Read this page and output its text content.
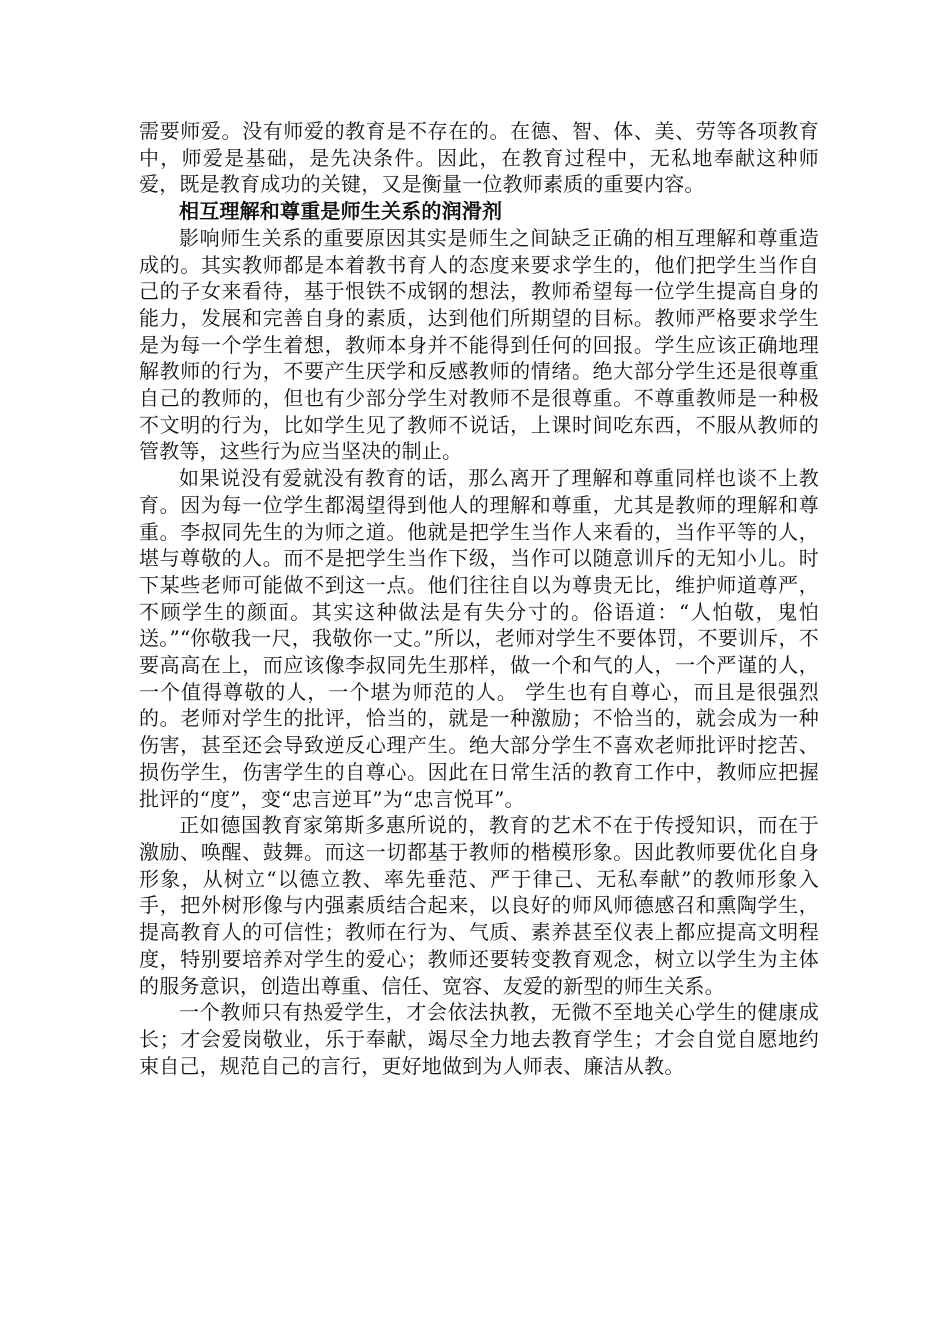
需要师爱。没有师爱的教育是不存在的。在德、智、体、美、劳等各项教育中，师爱是基础，是先决条件。因此，在教育过程中，无私地奉献这种师爱，既是教育成功的关键，又是衡量一位教师素质的重要内容。

相互理解和尊重是师生关系的润滑剂

影响师生关系的重要原因其实是师生之间缺乏正确的相互理解和尊重造成的。其实教师都是本着教书育人的态度来要求学生的，他们把学生当作自己的子女来看待，基于恨铁不成钢的想法，教师希望每一位学生提高自身的能力，发展和完善自身的素质，达到他们所期望的目标。教师严格要求学生是为每一个学生着想，教师本身并不能得到任何的回报。学生应该正确地理解教师的行为，不要产生厌学和反感教师的情绪。绝大部分学生还是很尊重自己的教师的，但也有少部分学生对教师不是很尊重。不尊重教师是一种极不文明的行为，比如学生见了教师不说话，上课时间吃东西，不服从教师的管教等，这些行为应当坚决的制止。

如果说没有爱就没有教育的话，那么离开了理解和尊重同样也谈不上教育。因为每一位学生都渴望得到他人的理解和尊重，尤其是教师的理解和尊重。李叔同先生的为师之道。他就是把学生当作人来看的，当作平等的人，堪与尊敬的人。而不是把学生当作下级，当作可以随意训斥的无知小儿。时下某些老师可能做不到这一点。他们往往自以为尊贵无比，维护师道尊严，不顾学生的颜面。其实这种做法是有失分寸的。俗语道：“人怕敬，鬼怕送。”“你敬我一尺，我敬你一丈。”所以，老师对学生不要体罚，不要训斥，不要高高在上，而应该像李叔同先生那样，做一个和气的人，一个严谨的人，一个值得尊敬的人，一个堪为师范的人。 学生也有自尊心，而且是很强烈的。老师对学生的批评，恰当的，就是一种激励；不恰当的，就会成为一种伤害，甚至还会导致逆反心理产生。绝大部分学生不喜欢老师批评时挖苦、损伤学生，伤害学生的自尊心。因此在日常生活的教育工作中，教师应把握批评的“度”，变“忠言逆耳”为“忠言悦耳”。

正如德国教育家第斯多惠所说的，教育的艺术不在于传授知识，而在于激励、唤醒、鼓舞。而这一切都基于教师的楷模形象。因此教师要优化自身形象，从树立“以德立教、率先垂范、严于律己、无私奉献”的教师形象入手，把外树形像与内强素质结合起来，以良好的师风师德感召和熏陶学生，提高教育人的可信性；教师在行为、气质、素养甚至仪表上都应提高文明程度，特别要培养对学生的爱心；教师还要转变教育观念，树立以学生为主体的服务意识，创造出尊重、信任、宽容、友爱的新型的师生关系。

一个教师只有热爱学生，才会依法执教，无微不至地关心学生的健康成长；才会爱岗敬业，乐于奉献，竭尽全力地去教育学生；才会自觉自愿地约束自己，规范自己的言行，更好地做到为人师表、廉洁从教。
